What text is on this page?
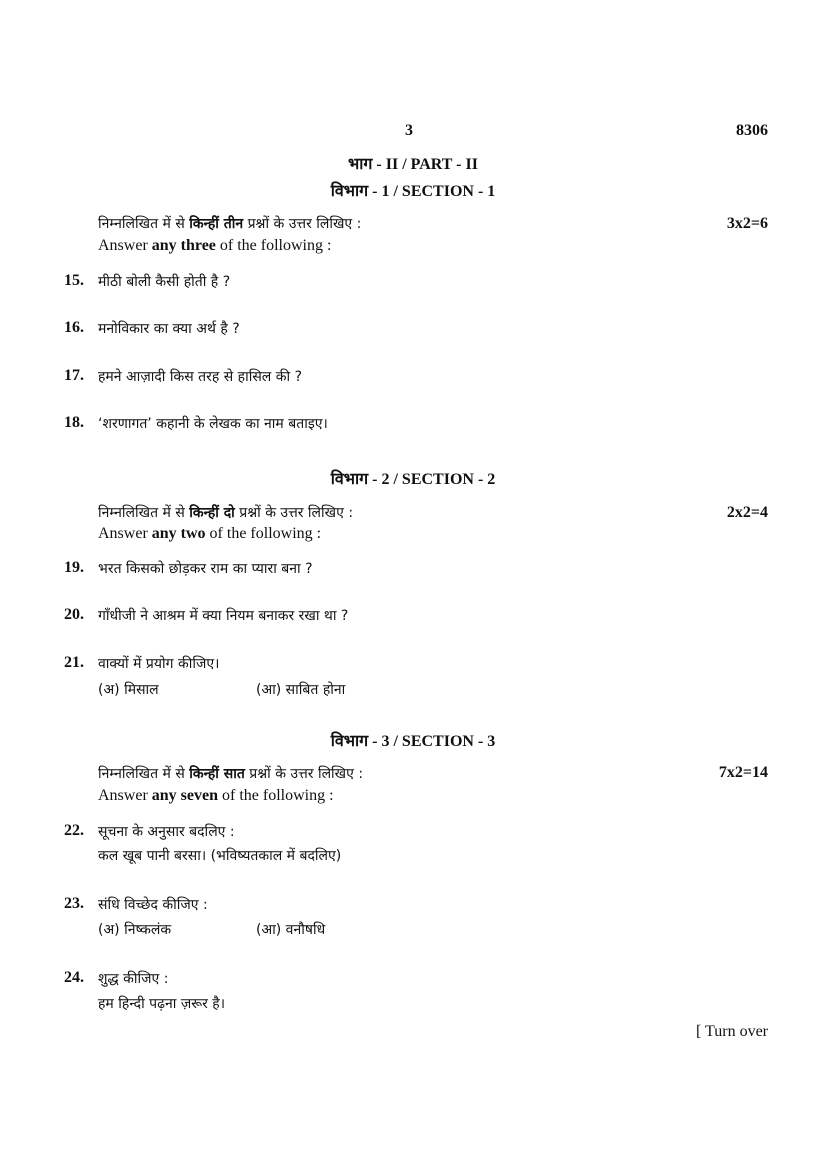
3	8306
भाग - II / PART - II
विभाग - 1 / SECTION - 1
निम्नलिखित में से किन्हीं तीन प्रश्नों के उत्तर लिखिए :	3x2=6
Answer any three of the following :
15. मीठी बोली कैसी होती है ?
16. मनोविकार का क्या अर्थ है ?
17. हमने आज़ादी किस तरह से हासिल की ?
18. ‘शरणागत’ कहानी के लेखक का नाम बताइए।
विभाग - 2 / SECTION - 2
निम्नलिखित में से किन्हीं दो प्रश्नों के उत्तर लिखिए :	2x2=4
Answer any two of the following :
19. भरत किसको छोड़कर राम का प्यारा बना ?
20. गाँधीजी ने आश्रम में क्या नियम बनाकर रखा था ?
21. वाक्यों में प्रयोग कीजिए।
(अ) मिसाल	(आ) साबित होना
विभाग - 3 / SECTION - 3
निम्नलिखित में से किन्हीं सात प्रश्नों के उत्तर लिखिए :	7x2=14
Answer any seven of the following :
22. सूचना के अनुसार बदलिए :
कल खूब पानी बरसा। (भविष्यतकाल में बदलिए)
23. संधि विच्छेद कीजिए :
(अ) निष्कलंक	(आ) वनौषधि
24. शुद्ध कीजिए :
हम हिन्दी पढ़ना ज़रूर है।
[ Turn over
